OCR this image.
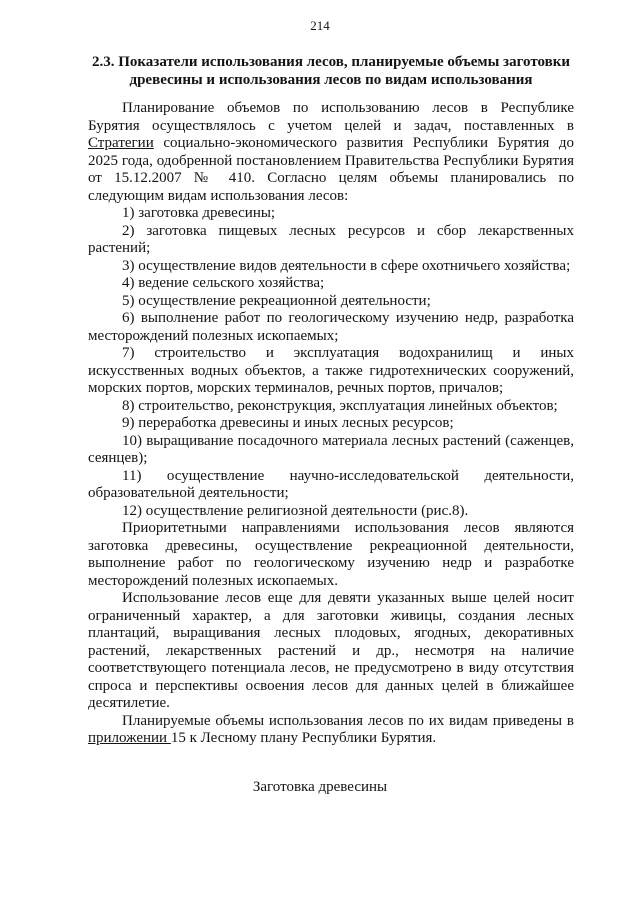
214
2.3. Показатели использования лесов, планируемые объемы заготовки
древесины и использования лесов по видам использования

Планирование объемов по использованию лесов в Республике Бурятия осуществлялось с учетом целей и задач, поставленных в Стратегии социально-экономического развития Республики Бурятия до 2025 года, одобренной постановлением Правительства Республики Бурятия от 15.12.2007 № 410. Согласно целям объемы планировались по следующим видам использования лесов:

1) заготовка древесины;

2) заготовка пищевых лесных ресурсов и сбор лекарственных растений;

3) осуществление видов деятельности в сфере охотничьего хозяйства;

4) ведение сельского хозяйства;

5) осуществление рекреационной деятельности;

6) выполнение работ по геологическому изучению недр, разработка месторождений полезных ископаемых;

7) строительство и эксплуатация водохранилищ и иных искусственных водных объектов, а также гидротехнических сооружений, морских портов, морских терминалов, речных портов, причалов;

8) строительство, реконструкция, эксплуатация линейных объектов;

9) переработка древесины и иных лесных ресурсов;

10) выращивание посадочного материала лесных растений (саженцев, сеянцев);

11) осуществление научно-исследовательской деятельности, образовательной деятельности;

12) осуществление религиозной деятельности (рис.8).

Приоритетными направлениями использования лесов являются заготовка древесины, осуществление рекреационной деятельности, выполнение работ по геологическому изучению недр и разработке месторождений полезных ископаемых.

Использование лесов еще для девяти указанных выше целей носит ограниченный характер, а для заготовки живицы, создания лесных плантаций, выращивания лесных плодовых, ягодных, декоративных растений, лекарственных растений и др., несмотря на наличие соответствующего потенциала лесов, не предусмотрено в виду отсутствия спроса и перспективы освоения лесов для данных целей в ближайшее десятилетие.

Планируемые объемы использования лесов по их видам приведены в приложении 15 к Лесному плану Республики Бурятия.

Заготовка древесины
